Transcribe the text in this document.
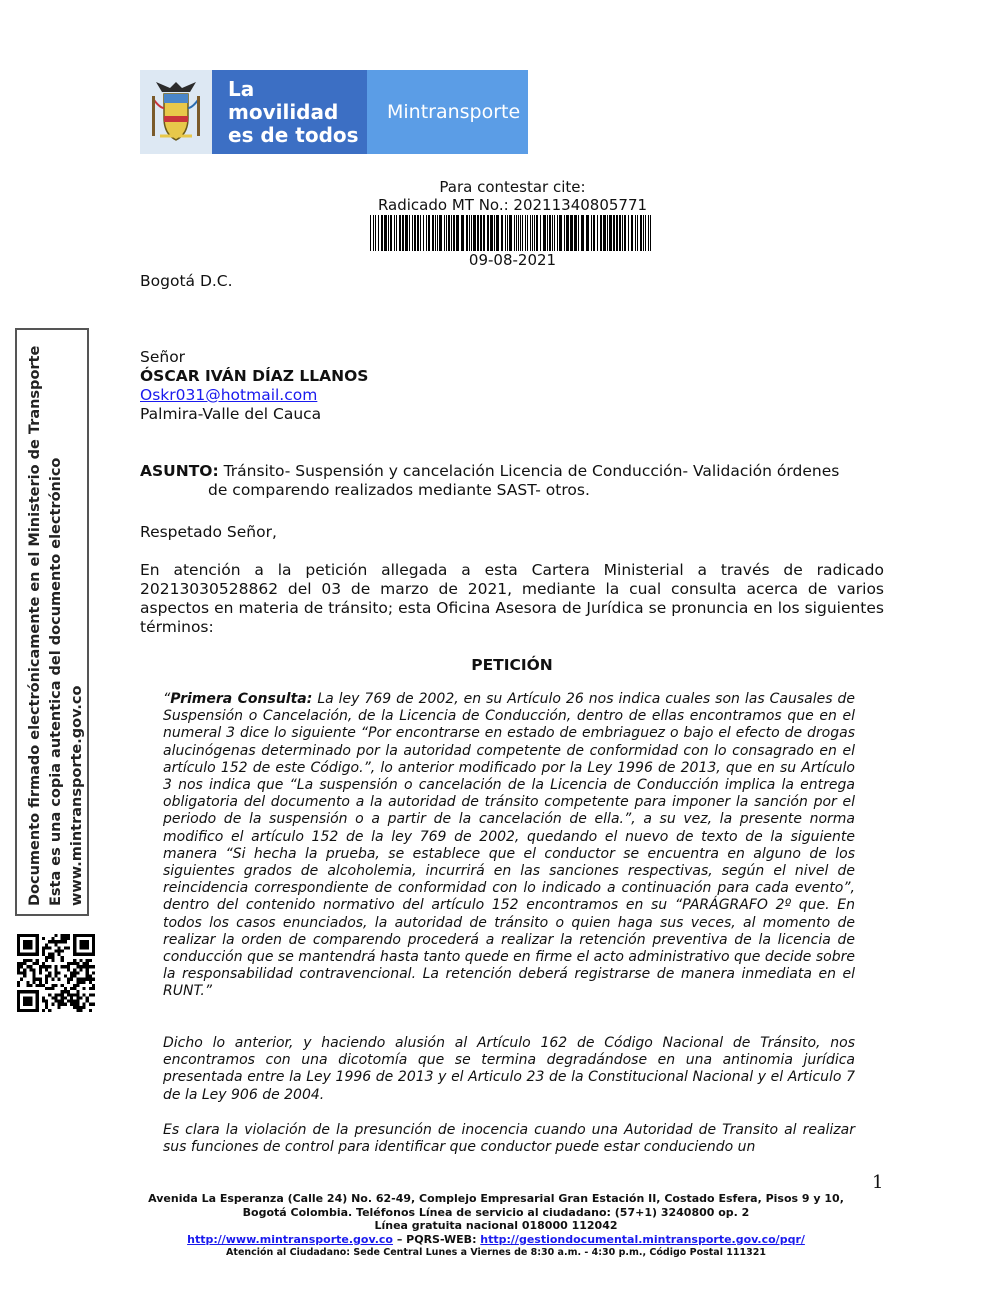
La movilidad
es de todos
Mintransporte
Para contestar cite:
Radicado MT No.: 20211340805771
09-08-2021
Bogotá D.C.
Señor
ÓSCAR IVÁN DÍAZ LLANOS
Oskr031@hotmail.com
Palmira-Valle del Cauca
ASUNTO: Tránsito- Suspensión y cancelación Licencia de Conducción- Validación órdenes
de comparendo realizados mediante SAST- otros.
Respetado Señor,
En atención a la petición allegada a esta Cartera Ministerial a través de radicado 20213030528862 del 03 de marzo de 2021, mediante la cual consulta acerca de varios aspectos en materia de tránsito; esta Oficina Asesora de Jurídica se pronuncia en los siguientes términos:
PETICIÓN
“Primera Consulta: La ley 769 de 2002, en su Artículo 26 nos indica cuales son las Causales de Suspensión o Cancelación, de la Licencia de Conducción, dentro de ellas encontramos que en el numeral 3 dice lo siguiente “Por encontrarse en estado de embriaguez o bajo el efecto de drogas alucinógenas determinado por la autoridad competente de conformidad con lo consagrado en el artículo 152 de este Código.”, lo anterior modificado por la Ley 1996 de 2013, que en su Artículo 3 nos indica que “La suspensión o cancelación de la Licencia de Conducción implica la entrega obligatoria del documento a la autoridad de tránsito competente para imponer la sanción por el periodo de la suspensión o a partir de la cancelación de ella.”, a su vez, la presente norma modifico el artículo 152 de la ley 769 de 2002, quedando el nuevo de texto de la siguiente manera “Si hecha la prueba, se establece que el conductor se encuentra en alguno de los siguientes grados de alcoholemia, incurrirá en las sanciones respectivas, según el nivel de reincidencia correspondiente de conformidad con lo indicado a continuación para cada evento”, dentro del contenido normativo del artículo 152 encontramos en su “PARÁGRAFO 2º que. En todos los casos enunciados, la autoridad de tránsito o quien haga sus veces, al momento de realizar la orden de comparendo procederá a realizar la retención preventiva de la licencia de conducción que se mantendrá hasta tanto quede en firme el acto administrativo que decide sobre la responsabilidad contravencional. La retención deberá registrarse de manera inmediata en el RUNT.”
Dicho lo anterior, y haciendo alusión al Artículo 162 de Código Nacional de Tránsito, nos encontramos con una dicotomía que se termina degradándose en una antinomia jurídica presentada entre la Ley 1996 de 2013 y el Articulo 23 de la Constitucional Nacional y el Articulo 7 de la Ley 906 de 2004.
Es clara la violación de la presunción de inocencia cuando una Autoridad de Transito al realizar sus funciones de control para identificar que conductor puede estar conduciendo un
Documento firmado electrónicamente en el Ministerio de Transporte Esta es una copia autentica del documento electrónico www.mintransporte.gov.co
1
Avenida La Esperanza (Calle 24) No. 62-49, Complejo Empresarial Gran Estación II, Costado Esfera, Pisos 9 y 10, Bogotá Colombia. Teléfonos Línea de servicio al ciudadano: (57+1) 3240800 op. 2
Línea gratuita nacional 018000 112042
http://www.mintransporte.gov.co – PQRS-WEB: http://gestiondocumental.mintransporte.gov.co/pqr/
Atención al Ciudadano: Sede Central Lunes a Viernes de 8:30 a.m. - 4:30 p.m., Código Postal 111321
